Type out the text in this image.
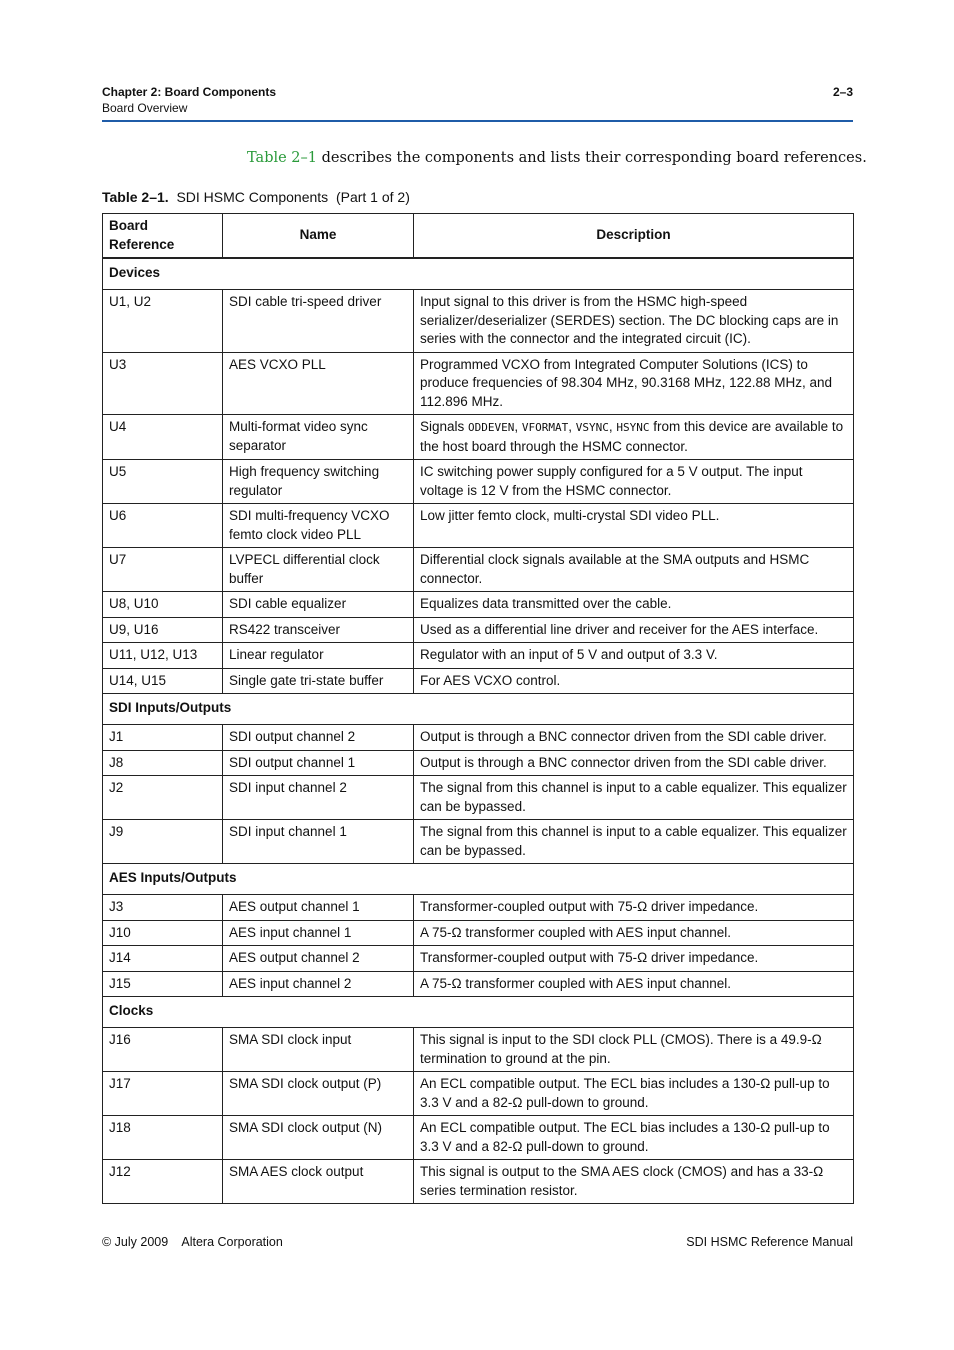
Chapter 2: Board Components
Board Overview
2–3
Table 2–1 describes the components and lists their corresponding board references.
Table 2–1.  SDI HSMC Components  (Part 1 of 2)
Board Reference	Name	Description
Devices		
U1, U2	SDI cable tri-speed driver	Input signal to this driver is from the HSMC high-speed serializer/deserializer (SERDES) section. The DC blocking caps are in series with the connector and the integrated circuit (IC).
U3	AES VCXO PLL	Programmed VCXO from Integrated Computer Solutions (ICS) to produce frequencies of 98.304 MHz, 90.3168 MHz, 122.88 MHz, and 112.896 MHz.
U4	Multi-format video sync separator	Signals ODDEVEN, VFORMAT, VSYNC, HSYNC from this device are available to the host board through the HSMC connector.
U5	High frequency switching regulator	IC switching power supply configured for a 5 V output. The input voltage is 12 V from the HSMC connector.
U6	SDI multi-frequency VCXO femto clock video PLL	Low jitter femto clock, multi-crystal SDI video PLL.
U7	LVPECL differential clock buffer	Differential clock signals available at the SMA outputs and HSMC connector.
U8, U10	SDI cable equalizer	Equalizes data transmitted over the cable.
U9, U16	RS422 transceiver	Used as a differential line driver and receiver for the AES interface.
U11, U12, U13	Linear regulator	Regulator with an input of 5 V and output of 3.3 V.
U14, U15	Single gate tri-state buffer	For AES VCXO control.
SDI Inputs/Outputs		
J1	SDI output channel 2	Output is through a BNC connector driven from the SDI cable driver.
J8	SDI output channel 1	Output is through a BNC connector driven from the SDI cable driver.
J2	SDI input channel 2	The signal from this channel is input to a cable equalizer. This equalizer can be bypassed.
J9	SDI input channel 1	The signal from this channel is input to a cable equalizer. This equalizer can be bypassed.
AES Inputs/Outputs		
J3	AES output channel 1	Transformer-coupled output with 75-Ω driver impedance.
J10	AES input channel 1	A 75-Ω transformer coupled with AES input channel.
J14	AES output channel 2	Transformer-coupled output with 75-Ω driver impedance.
J15	AES input channel 2	A 75-Ω transformer coupled with AES input channel.
Clocks		
J16	SMA SDI clock input	This signal is input to the SDI clock PLL (CMOS). There is a 49.9-Ω termination to ground at the pin.
J17	SMA SDI clock output (P)	An ECL compatible output. The ECL bias includes a 130-Ω pull-up to 3.3 V and a 82-Ω pull-down to ground.
J18	SMA SDI clock output (N)	An ECL compatible output. The ECL bias includes a 130-Ω pull-up to 3.3 V and a 82-Ω pull-down to ground.
J12	SMA AES clock output	This signal is output to the SMA AES clock (CMOS) and has a 33-Ω series termination resistor.
© July 2009    Altera Corporation	SDI HSMC Reference Manual
